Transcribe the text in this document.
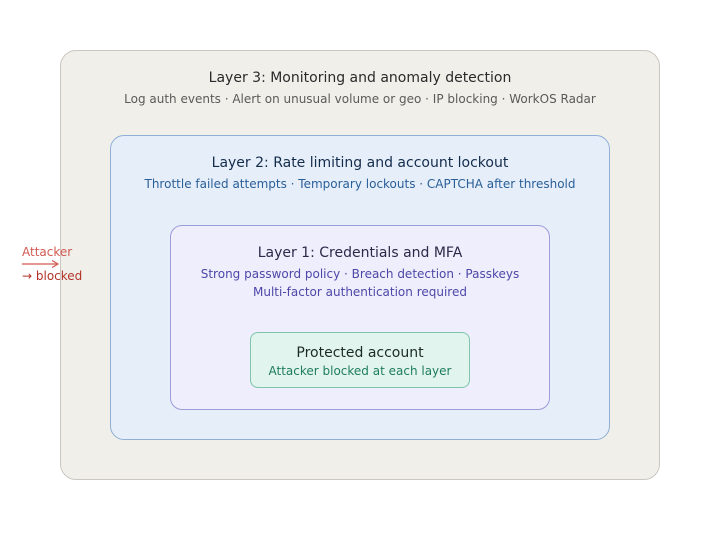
Layer 3: Monitoring and anomaly detection
Log auth events · Alert on unusual volume or geo · IP blocking · WorkOS Radar
Layer 2: Rate limiting and account lockout
Throttle failed attempts · Temporary lockouts · CAPTCHA after threshold
Layer 1: Credentials and MFA
Strong password policy · Breach detection · Passkeys
Multi-factor authentication required
Protected account
Attacker blocked at each layer
Attacker
→ blocked
